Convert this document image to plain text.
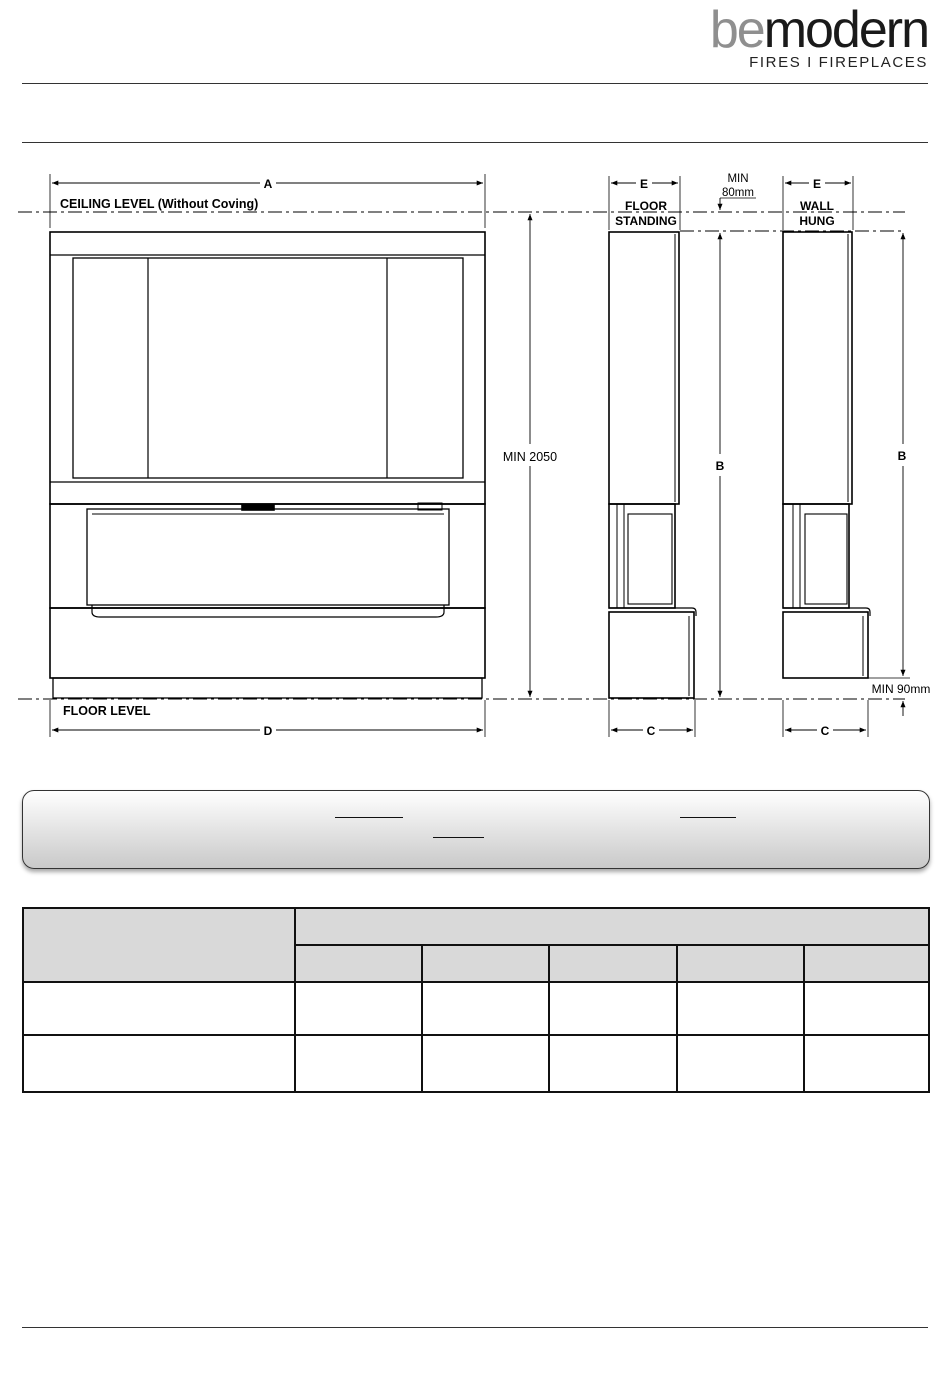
bemodern
FIRES I FIREPLACES
A
CEILING LEVEL (Without Coving)
FLOOR LEVEL
D
MIN 2050
E
FLOOR
STANDING
C
MIN
80mm
B
E
WALL
HUNG
C
B
MIN 90mm
